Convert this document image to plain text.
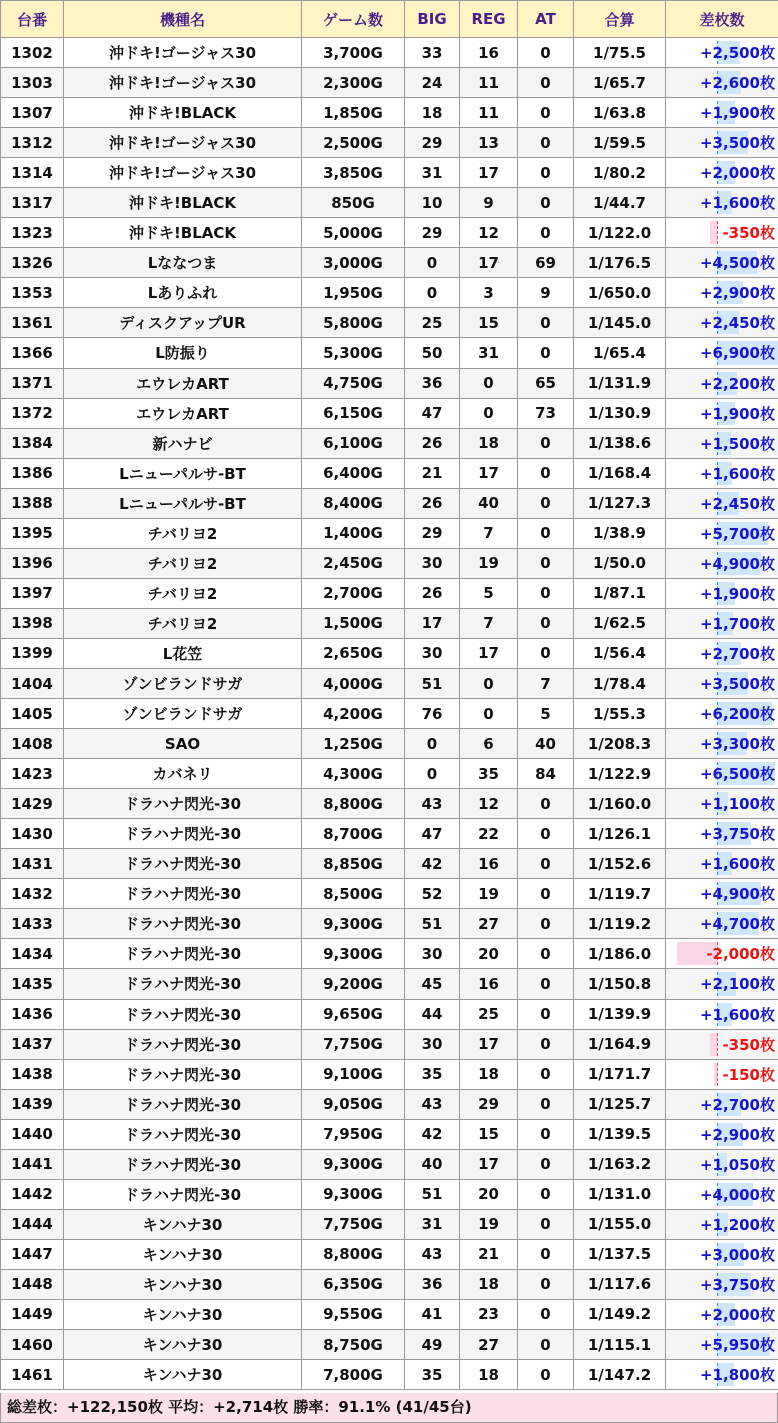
台番	機種名	ゲーム数	BIG	REG	AT	合算	差枚数
1302	沖ドキ!ゴージャス30	3,700G	33	16	0	1/75.5	+2,500枚
1303	沖ドキ!ゴージャス30	2,300G	24	11	0	1/65.7	+2,600枚
1307	沖ドキ!BLACK	1,850G	18	11	0	1/63.8	+1,900枚
1312	沖ドキ!ゴージャス30	2,500G	29	13	0	1/59.5	+3,500枚
1314	沖ドキ!ゴージャス30	3,850G	31	17	0	1/80.2	+2,000枚
1317	沖ドキ!BLACK	850G	10	9	0	1/44.7	+1,600枚
1323	沖ドキ!BLACK	5,000G	29	12	0	1/122.0	-350枚
1326	Lななつま	3,000G	0	17	69	1/176.5	+4,500枚
1353	Lありふれ	1,950G	0	3	9	1/650.0	+2,900枚
1361	ディスクアップUR	5,800G	25	15	0	1/145.0	+2,450枚
1366	L防振り	5,300G	50	31	0	1/65.4	+6,900枚
1371	エウレカART	4,750G	36	0	65	1/131.9	+2,200枚
1372	エウレカART	6,150G	47	0	73	1/130.9	+1,900枚
1384	新ハナビ	6,100G	26	18	0	1/138.6	+1,500枚
1386	Lニューパルサ-BT	6,400G	21	17	0	1/168.4	+1,600枚
1388	Lニューパルサ-BT	8,400G	26	40	0	1/127.3	+2,450枚
1395	チバリヨ2	1,400G	29	7	0	1/38.9	+5,700枚
1396	チバリヨ2	2,450G	30	19	0	1/50.0	+4,900枚
1397	チバリヨ2	2,700G	26	5	0	1/87.1	+1,900枚
1398	チバリヨ2	1,500G	17	7	0	1/62.5	+1,700枚
1399	L花笠	2,650G	30	17	0	1/56.4	+2,700枚
1404	ゾンビランドサガ	4,000G	51	0	7	1/78.4	+3,500枚
1405	ゾンビランドサガ	4,200G	76	0	5	1/55.3	+6,200枚
1408	SAO	1,250G	0	6	40	1/208.3	+3,300枚
1423	カバネリ	4,300G	0	35	84	1/122.9	+6,500枚
1429	ドラハナ閃光-30	8,800G	43	12	0	1/160.0	+1,100枚
1430	ドラハナ閃光-30	8,700G	47	22	0	1/126.1	+3,750枚
1431	ドラハナ閃光-30	8,850G	42	16	0	1/152.6	+1,600枚
1432	ドラハナ閃光-30	8,500G	52	19	0	1/119.7	+4,900枚
1433	ドラハナ閃光-30	9,300G	51	27	0	1/119.2	+4,700枚
1434	ドラハナ閃光-30	9,300G	30	20	0	1/186.0	-2,000枚
1435	ドラハナ閃光-30	9,200G	45	16	0	1/150.8	+2,100枚
1436	ドラハナ閃光-30	9,650G	44	25	0	1/139.9	+1,600枚
1437	ドラハナ閃光-30	7,750G	30	17	0	1/164.9	-350枚
1438	ドラハナ閃光-30	9,100G	35	18	0	1/171.7	-150枚
1439	ドラハナ閃光-30	9,050G	43	29	0	1/125.7	+2,700枚
1440	ドラハナ閃光-30	7,950G	42	15	0	1/139.5	+2,900枚
1441	ドラハナ閃光-30	9,300G	40	17	0	1/163.2	+1,050枚
1442	ドラハナ閃光-30	9,300G	51	20	0	1/131.0	+4,000枚
1444	キンハナ30	7,750G	31	19	0	1/155.0	+1,200枚
1447	キンハナ30	8,800G	43	21	0	1/137.5	+3,000枚
1448	キンハナ30	6,350G	36	18	0	1/117.6	+3,750枚
1449	キンハナ30	9,550G	41	23	0	1/149.2	+2,000枚
1460	キンハナ30	8,750G	49	27	0	1/115.1	+5,950枚
1461	キンハナ30	7,800G	35	18	0	1/147.2	+1,800枚
総差枚：+122,150枚 平均：+2,714枚 勝率：91.1% (41/45台)
